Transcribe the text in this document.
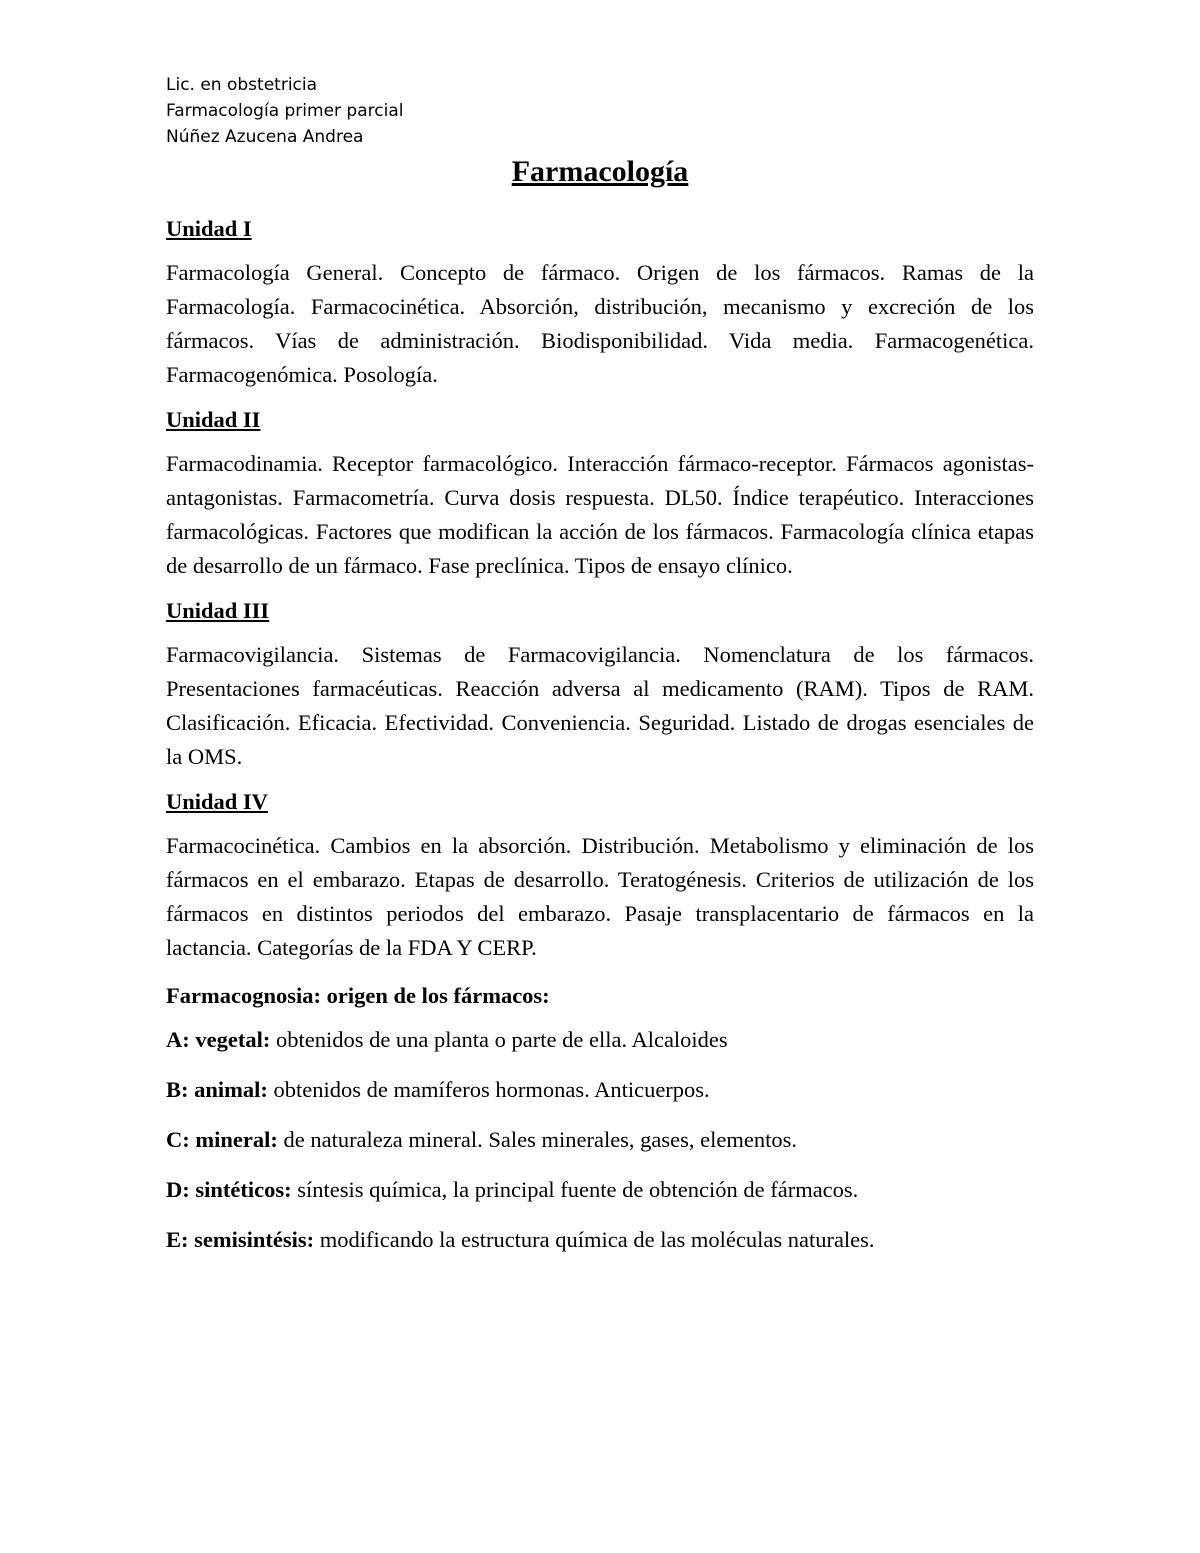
Lic. en obstetricia
Farmacología primer parcial
Núñez Azucena Andrea
Farmacología
Unidad I
Farmacología General. Concepto de fármaco. Origen de los fármacos. Ramas de la Farmacología. Farmacocinética. Absorción, distribución, mecanismo y excreción de los fármacos. Vías de administración. Biodisponibilidad. Vida media. Farmacogenética. Farmacogenómica. Posología.
Unidad II
Farmacodinamia. Receptor farmacológico. Interacción fármaco-receptor. Fármacos agonistas-antagonistas. Farmacometría. Curva dosis respuesta. DL50. Índice terapéutico. Interacciones farmacológicas. Factores que modifican la acción de los fármacos. Farmacología clínica etapas de desarrollo de un fármaco. Fase preclínica. Tipos de ensayo clínico.
Unidad III
Farmacovigilancia. Sistemas de Farmacovigilancia. Nomenclatura de los fármacos. Presentaciones farmacéuticas. Reacción adversa al medicamento (RAM). Tipos de RAM. Clasificación. Eficacia. Efectividad. Conveniencia. Seguridad. Listado de drogas esenciales de la OMS.
Unidad IV
Farmacocinética. Cambios en la absorción. Distribución. Metabolismo y eliminación de los fármacos en el embarazo. Etapas de desarrollo. Teratogénesis. Criterios de utilización de los fármacos en distintos periodos del embarazo. Pasaje transplacentario de fármacos en la lactancia. Categorías de la FDA Y CERP.
Farmacognosia: origen de los fármacos:
A: vegetal: obtenidos de una planta o parte de ella. Alcaloides
B: animal: obtenidos de mamíferos hormonas. Anticuerpos.
C: mineral: de naturaleza mineral. Sales minerales, gases, elementos.
D: sintéticos: síntesis química, la principal fuente de obtención de fármacos.
E: semisintésis: modificando la estructura química de las moléculas naturales.
